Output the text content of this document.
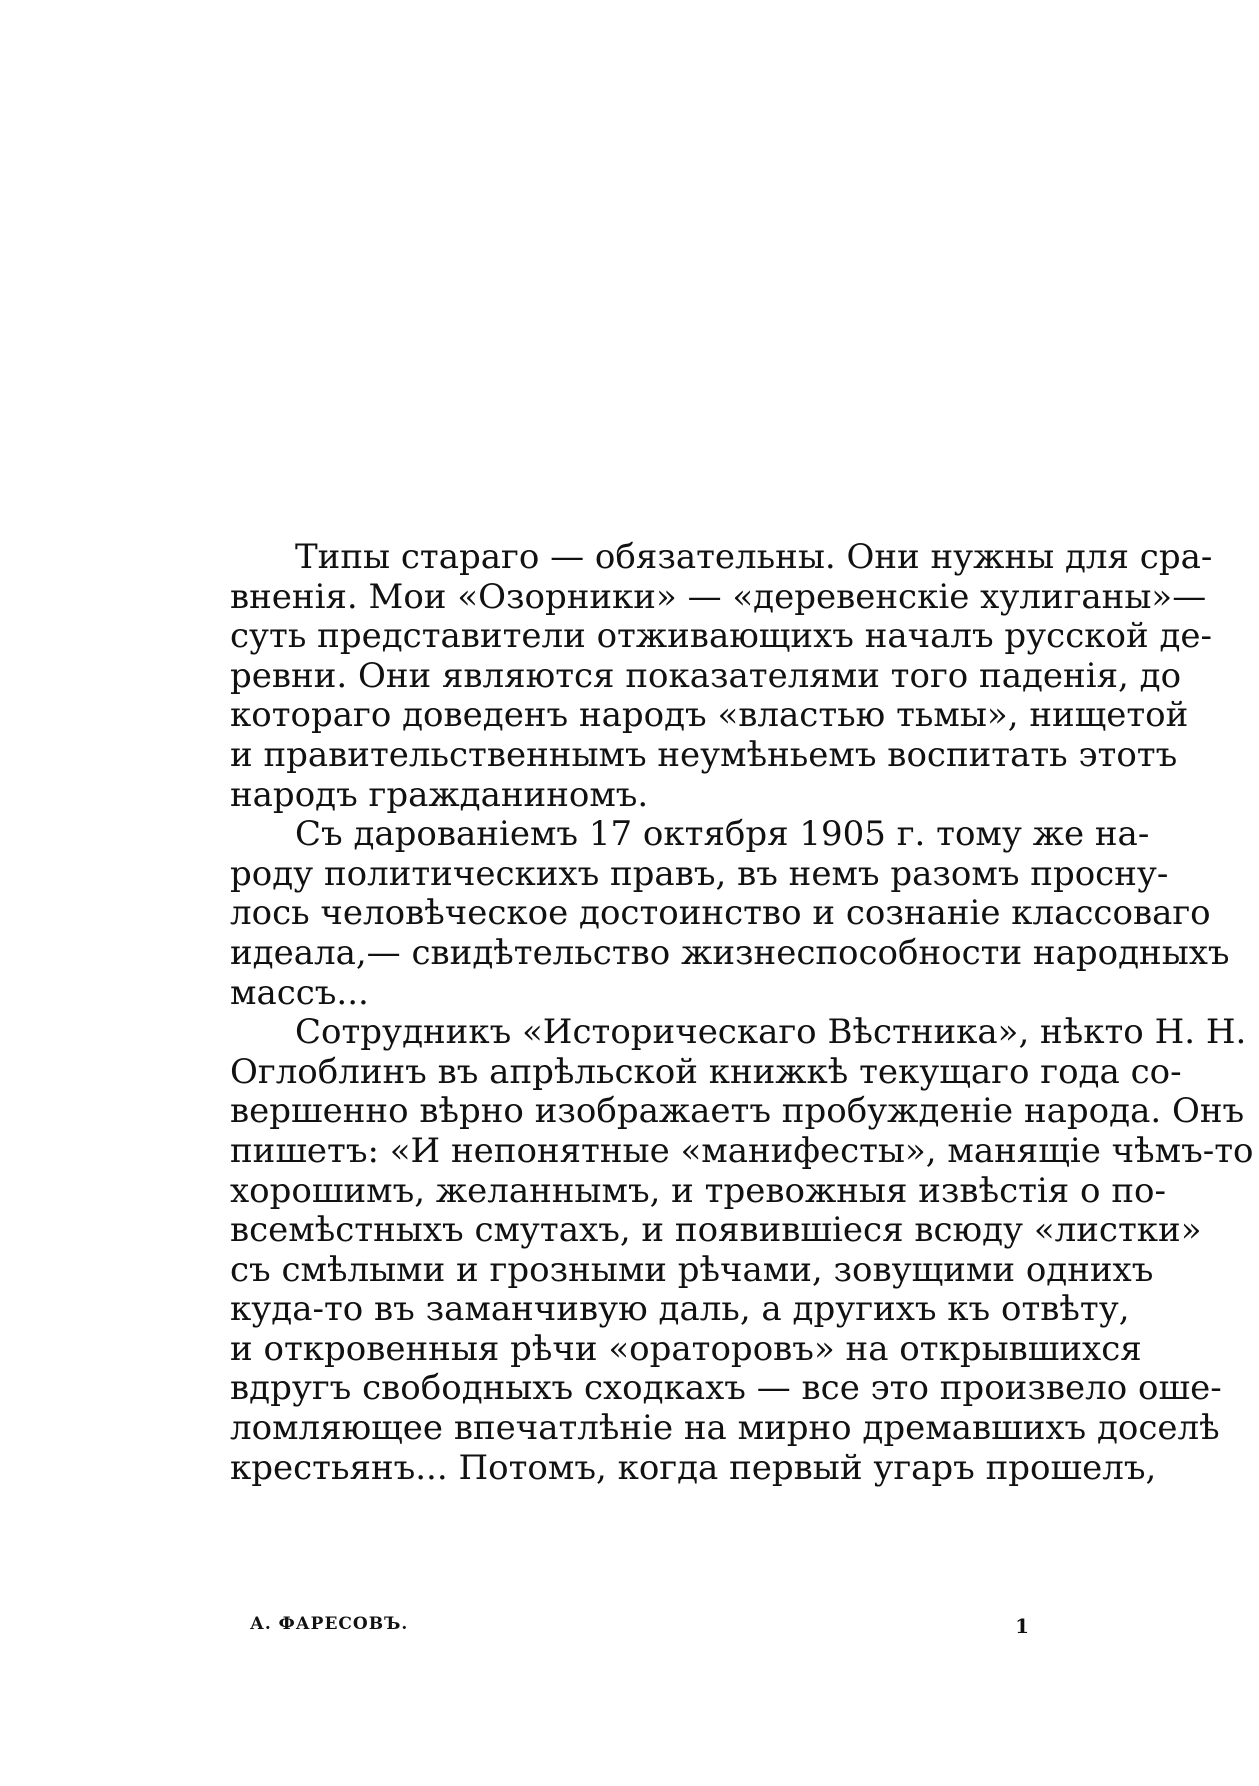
Типы стараго — обязательны. Они нужны для сра-
вненія. Мои «Озорники» — «деревенскіе хулиганы»—
суть представители отживающихъ началъ русской де-
ревни. Они являются показателями того паденія, до
котораго доведенъ народъ «властью тьмы», нищетой
и правительственнымъ неумѣньемъ воспитать этотъ
народъ гражданиномъ.
Съ дарованіемъ 17 октября 1905 г. тому же на-
роду политическихъ правъ, въ немъ разомъ просну-
лось человѣческое достоинство и сознаніе классоваго
идеала,— свидѣтельство жизнеспособности народныхъ
массъ...
Сотрудникъ «Историческаго Вѣстника», нѣкто Н. Н.
Оглоблинъ въ апрѣльской книжкѣ текущаго года со-
вершенно вѣрно изображаетъ пробужденіе народа. Онъ
пишетъ: «И непонятные «манифесты», манящіе чѣмъ-то
хорошимъ, желаннымъ, и тревожныя извѣстія о по-
всемѣстныхъ смутахъ, и появившіеся всюду «листки»
съ смѣлыми и грозными рѣчами, зовущими однихъ
куда-то въ заманчивую даль, а другихъ къ отвѣту,
и откровенныя рѣчи «ораторовъ» на открывшихся
вдругъ свободныхъ сходкахъ — все это произвело оше-
ломляющее впечатлѣніе на мирно дремавшихъ доселѣ
крестьянъ... Потомъ, когда первый угаръ прошелъ,
А. ФАРЕСОВЪ.	1
